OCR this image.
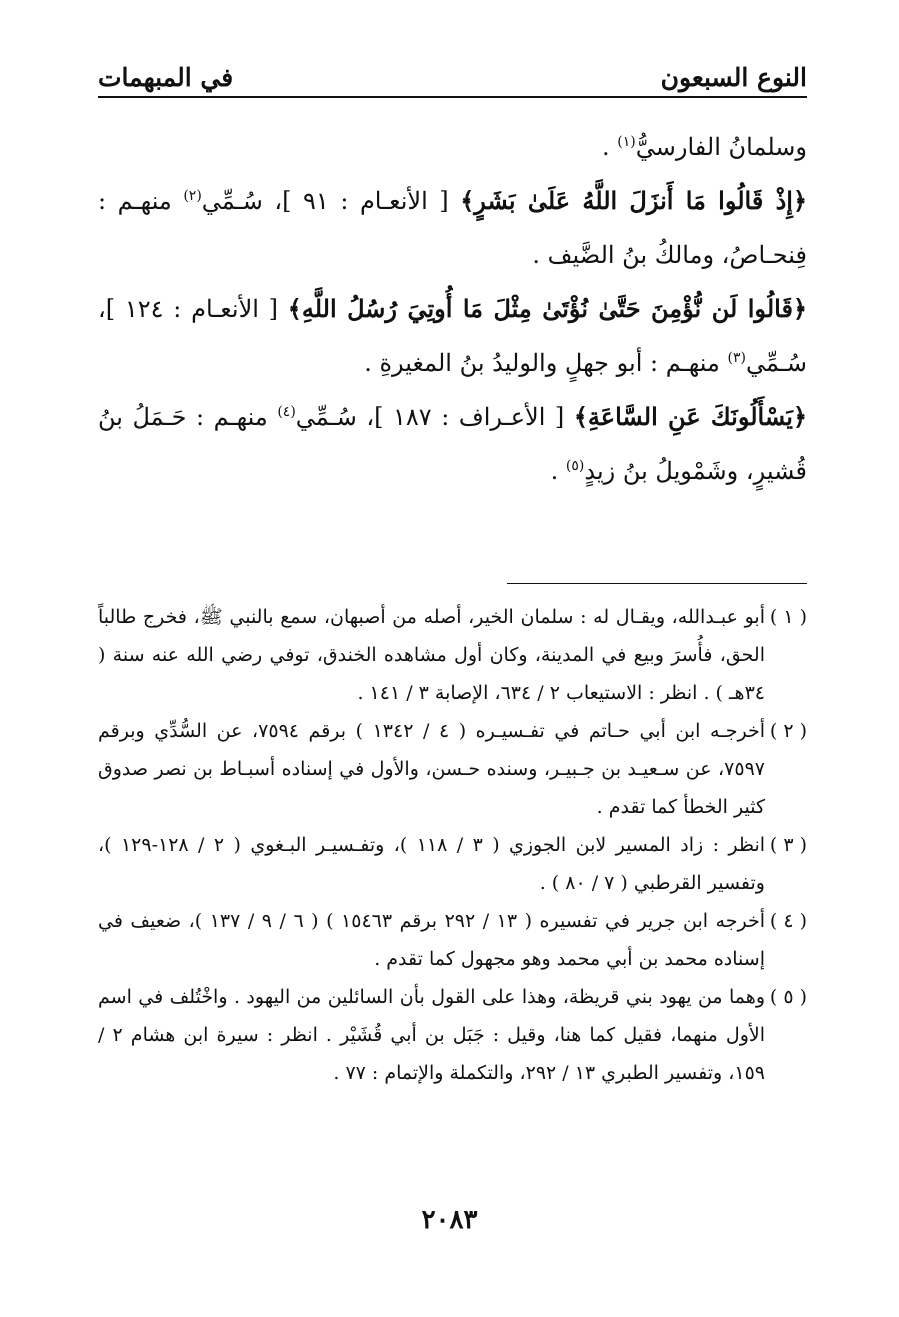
النوع السبعون
في المبهمات

وسلمانُ الفارسيُّ$^{(١)}$ .

﴿إِذْ قَالُوا مَا أَنزَلَ اللَّهُ عَلَىٰ بَشَرٍ﴾ [ الأنعـام : ٩١ ]، سُـمِّي$^{(٢)}$ منهـم : فِنحـاصُ، ومالكُ بنُ الضَّيف .

﴿قَالُوا لَن نُّؤْمِنَ حَتَّىٰ نُؤْتَىٰ مِثْلَ مَا أُوتِيَ رُسُلُ اللَّهِ﴾ [ الأنعـام : ١٢٤ ]، سُـمِّي$^{(٣)}$ منهـم : أبو جهلٍ والوليدُ بنُ المغيرةِ .

﴿يَسْأَلُونَكَ عَنِ السَّاعَةِ﴾ [ الأعـراف : ١٨٧ ]، سُـمِّي$^{(٤)}$ منهـم : حَـمَلُ بنُ قُشيرٍ، وشَمْويلُ بنُ زيدٍ$^{(٥)}$ .

( ١ )أبو عبـدالله، ويقـال له : سلمان الخير، أصله من أصبهان، سمع بالنبي ﷺ، فخرج طالباً الحق، فأُسرَ وبيع في المدينة، وكان أول مشاهده الخندق، توفي رضي الله عنه سنة ( ٣٤هـ ) . انظر : الاستيعاب ٢ / ٦٣٤، الإصابة ٣ / ١٤١ .

( ٢ )أخرجـه ابن أبي حـاتم في تفـسيـره ( ٤ / ١٣٤٢ ) برقم ٧٥٩٤، عن السُّدِّي وبرقم ٧٥٩٧، عن سـعيـد بن جـبيـر، وسنده حـسن، والأول في إسناده أسبـاط بن نصر صدوق كثير الخطأ كما تقدم .

( ٣ )انظر : زاد المسير لابن الجوزي ( ٣ / ١١٨ )، وتفـسيـر البـغوي ( ٢ / ١٢٨-١٢٩ )، وتفسير القرطبي ( ٧ / ٨٠ ) .

( ٤ )أخرجه ابن جرير في تفسيره ( ١٣ / ٢٩٢ برقم ١٥٤٦٣ ) ( ٦ / ٩ / ١٣٧ )، ضعيف في إسناده محمد بن أبي محمد وهو مجهول كما تقدم .

( ٥ )وهما من يهود بني قريظة، وهذا على القول بأن السائلين من اليهود . واخْتُلف في اسم الأول منهما، فقيل كما هنا، وقيل : جَبَل بن أبي قُشَيْر . انظر : سيرة ابن هشام ٢ / ١٥٩، وتفسير الطبري ١٣ / ٢٩٢، والتكملة والإتمام : ٧٧ .

٢٠٨٣
